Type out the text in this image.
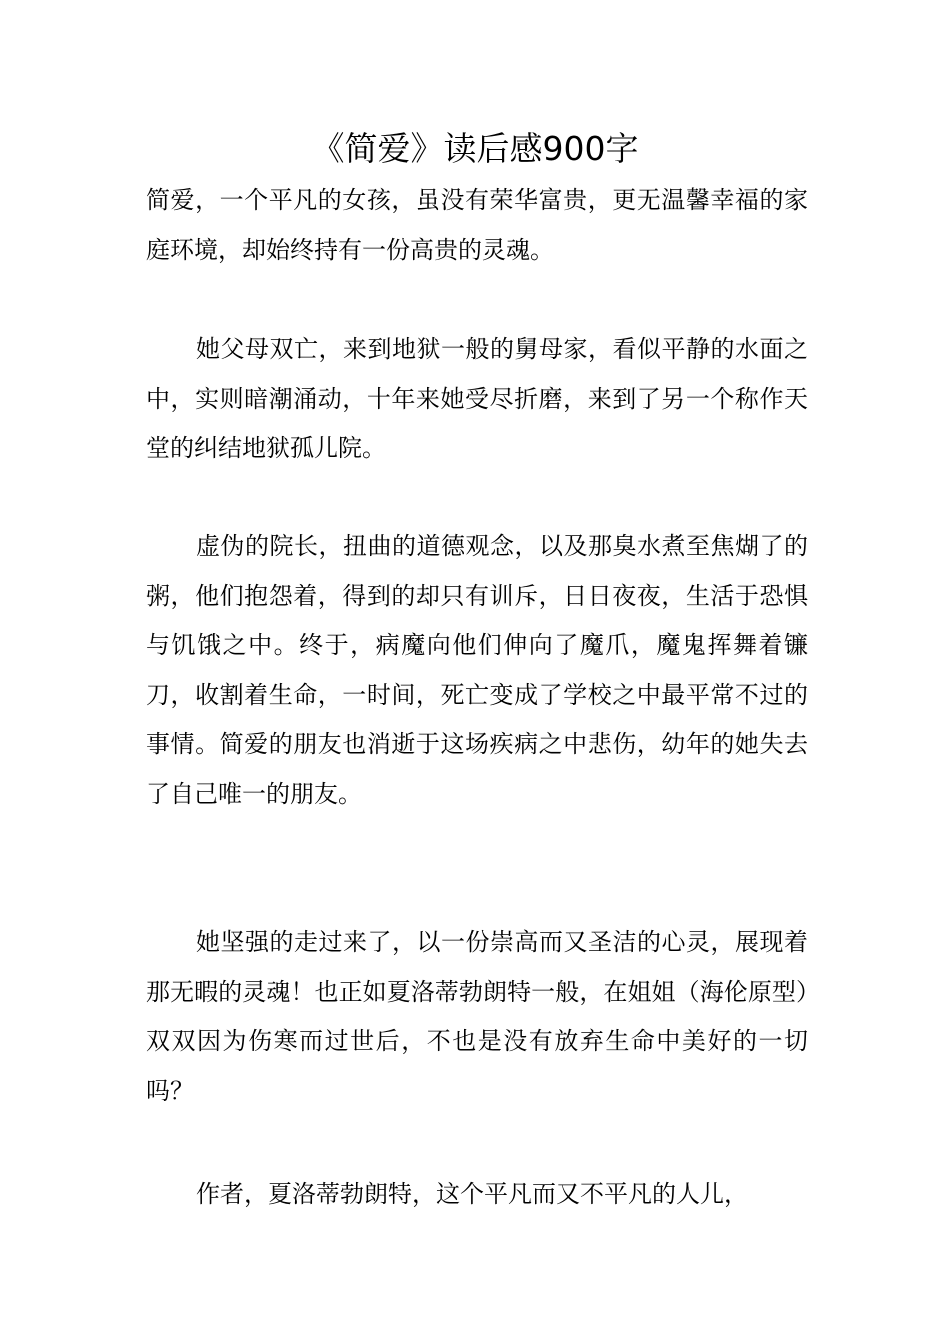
《简爱》读后感900字

简爱，一个平凡的女孩，虽没有荣华富贵，更无温馨幸福的家庭环境，却始终持有一份高贵的灵魂。

她父母双亡，来到地狱一般的舅母家，看似平静的水面之中，实则暗潮涌动，十年来她受尽折磨，来到了另一个称作天堂的纠结地狱孤儿院。

虚伪的院长，扭曲的道德观念，以及那臭水煮至焦煳了的粥，他们抱怨着，得到的却只有训斥，日日夜夜，生活于恐惧与饥饿之中。终于，病魔向他们伸向了魔爪，魔鬼挥舞着镰刀，收割着生命，一时间，死亡变成了学校之中最平常不过的事情。简爱的朋友也消逝于这场疾病之中悲伤，幼年的她失去了自己唯一的朋友。

她坚强的走过来了，以一份崇高而又圣洁的心灵，展现着那无暇的灵魂！也正如夏洛蒂勃朗特一般，在姐姐（海伦原型）双双因为伤寒而过世后，不也是没有放弃生命中美好的一切吗？

作者，夏洛蒂勃朗特，这个平凡而又不平凡的人儿，
